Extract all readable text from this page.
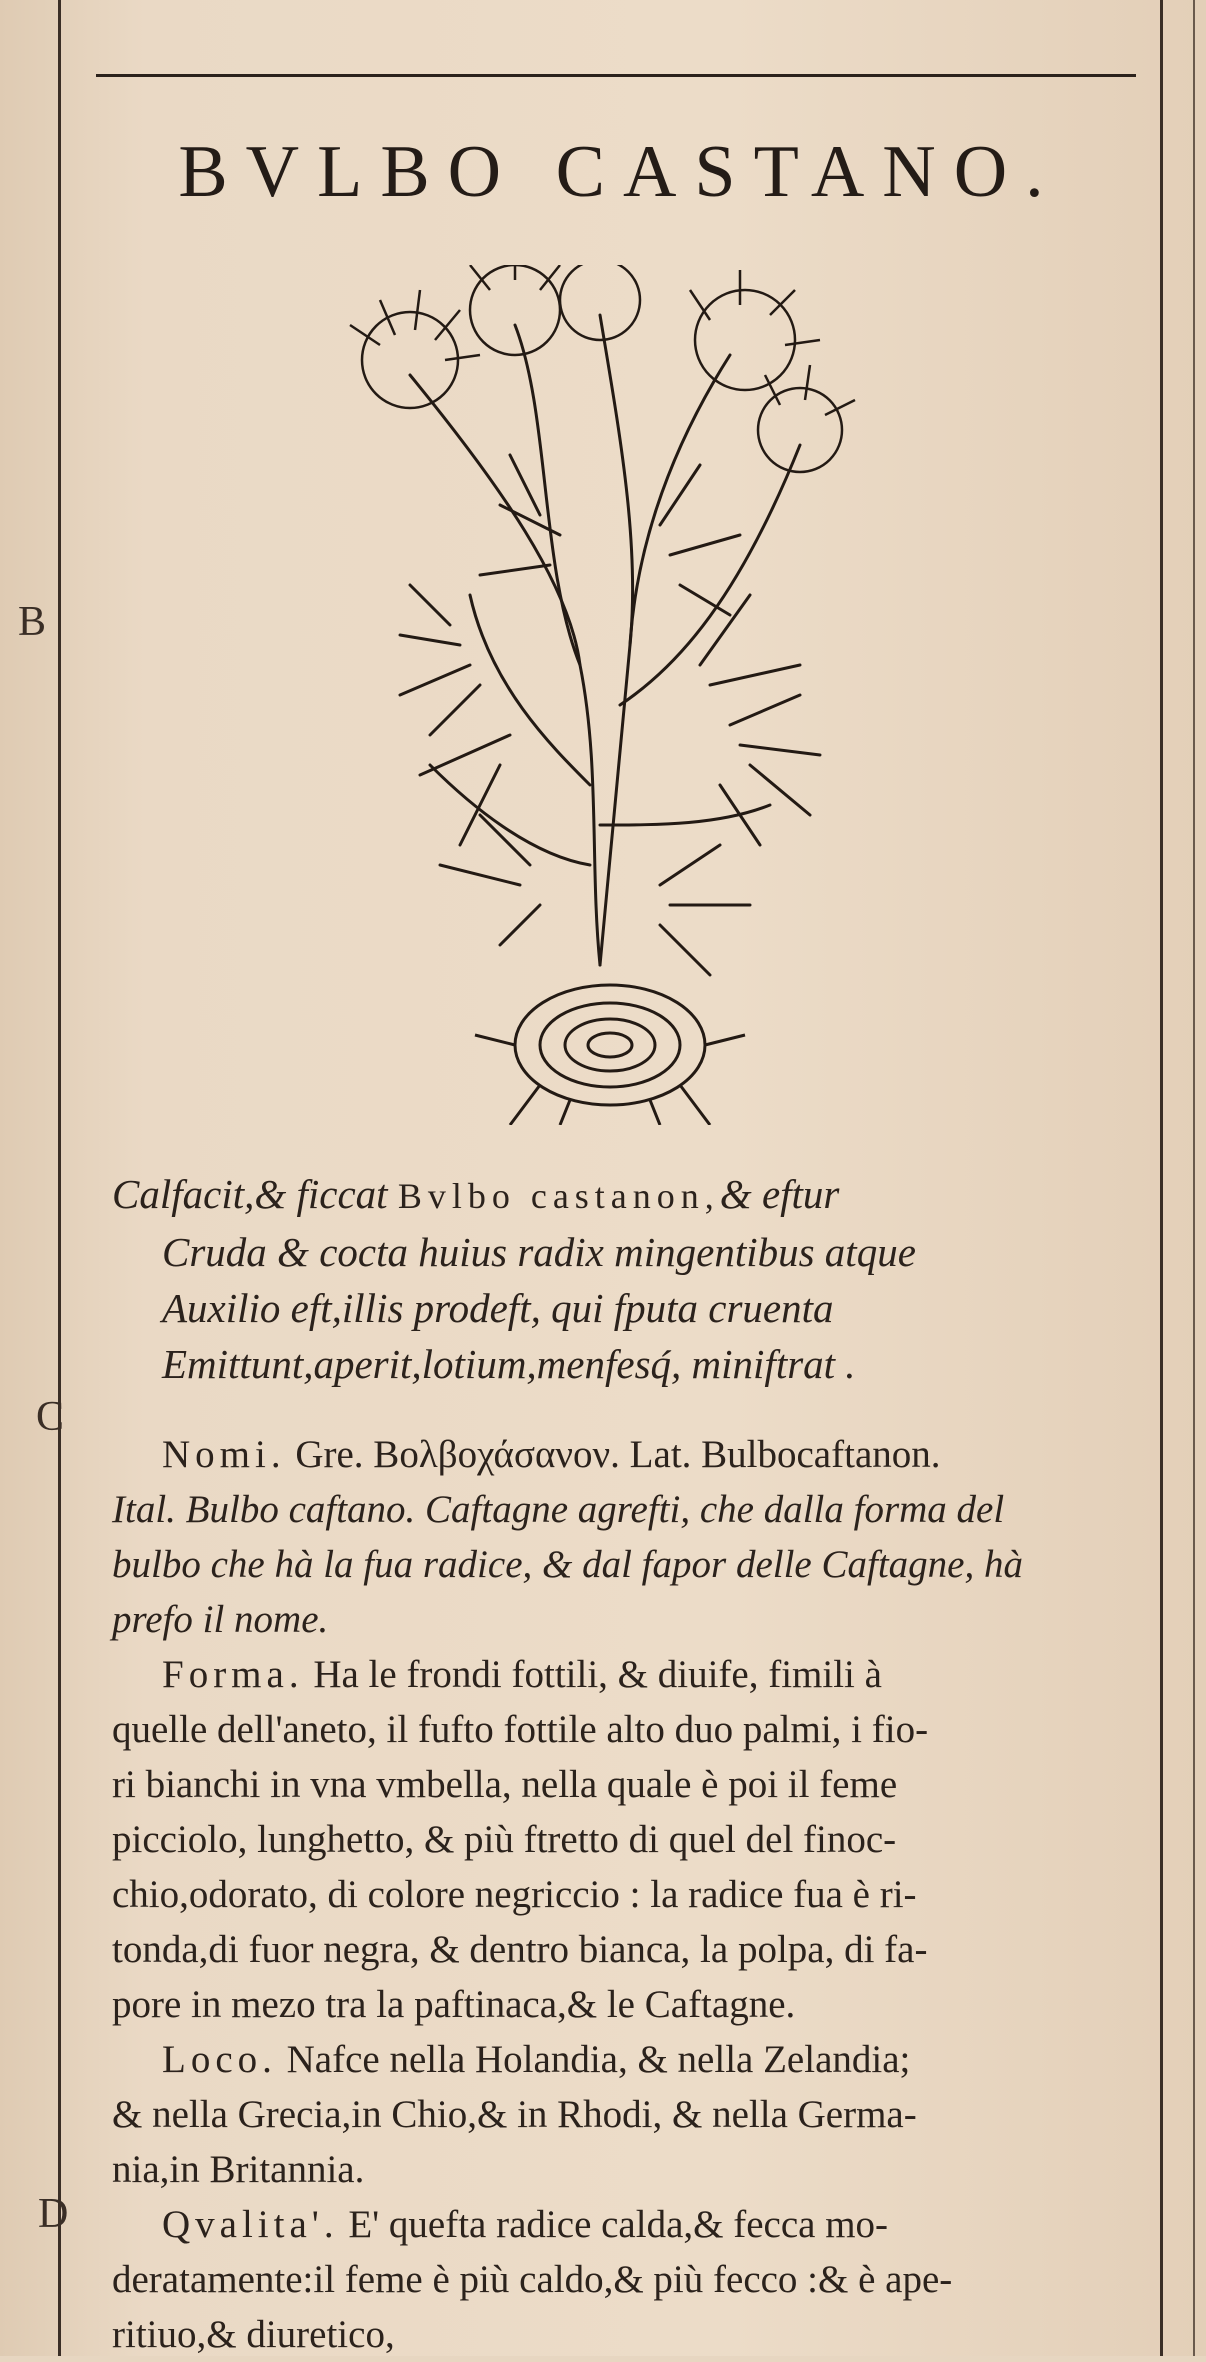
BVLBO CASTANO.
B
C
D
Calfacit,& ficcat Bvlbo castanon,& eftur
Cruda & cocta huius radix mingentibus atque
Auxilio eft,illis prodeft, qui fputa cruenta
Emittunt,aperit,lotium,menfesq́, miniftrat .
Nomi. Gre. Βολβοχάσανον. Lat. Bulbocaftanon.
Ital. Bulbo caftano. Caftagne agrefti, che dalla forma del
bulbo che hà la fua radice, & dal fapor delle Caftagne, hà
prefo il nome.
Forma. Ha le frondi fottili, & diuife, fimili à
quelle dell'aneto, il fufto fottile alto duo palmi, i fio-
ri bianchi in vna vmbella, nella quale è poi il feme
picciolo, lunghetto, & più ftretto di quel del finoc-
chio,odorato, di colore negriccio : la radice fua è ri-
tonda,di fuor negra, & dentro bianca, la polpa, di fa-
pore in mezo tra la paftinaca,& le Caftagne.
Loco. Nafce nella Holandia, & nella Zelandia;
& nella Grecia,in Chio,& in Rhodi, & nella Germa-
nia,in Britannia.
Qvalita'. E' quefta radice calda,& fecca mo-
deratamente:il feme è più caldo,& più fecco :& è ape-
ritiuo,& diuretico,
